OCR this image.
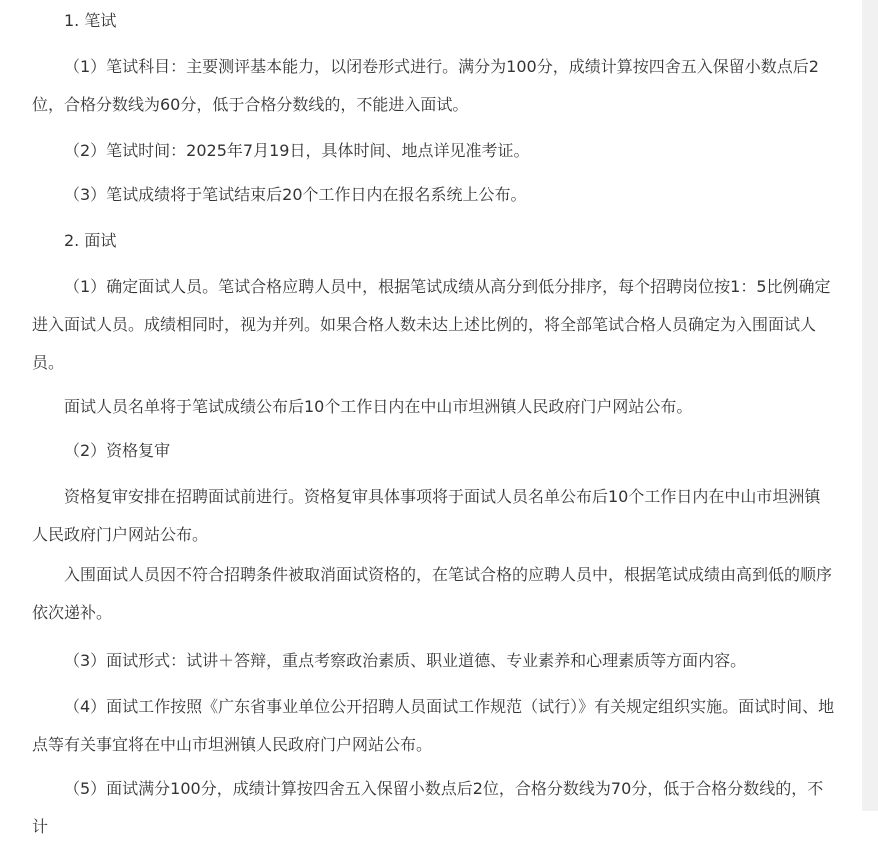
1. 笔试

（1）笔试科目：主要测评基本能力，以闭卷形式进行。满分为100分，成绩计算按四舍五入保留小数点后2位，合格分数线为60分，低于合格分数线的，不能进入面试。

（2）笔试时间：2025年7月19日，具体时间、地点详见准考证。

（3）笔试成绩将于笔试结束后20个工作日内在报名系统上公布。

2. 面试

（1）确定面试人员。笔试合格应聘人员中，根据笔试成绩从高分到低分排序，每个招聘岗位按1：5比例确定进入面试人员。成绩相同时，视为并列。如果合格人数未达上述比例的，将全部笔试合格人员确定为入围面试人员。

面试人员名单将于笔试成绩公布后10个工作日内在中山市坦洲镇人民政府门户网站公布。

（2）资格复审

资格复审安排在招聘面试前进行。资格复审具体事项将于面试人员名单公布后10个工作日内在中山市坦洲镇人民政府门户网站公布。

入围面试人员因不符合招聘条件被取消面试资格的，在笔试合格的应聘人员中，根据笔试成绩由高到低的顺序依次递补。

（3）面试形式：试讲＋答辩，重点考察政治素质、职业道德、专业素养和心理素质等方面内容。

（4）面试工作按照《广东省事业单位公开招聘人员面试工作规范（试行）》有关规定组织实施。面试时间、地点等有关事宜将在中山市坦洲镇人民政府门户网站公布。

（5）面试满分100分，成绩计算按四舍五入保留小数点后2位，合格分数线为70分，低于合格分数线的，不计
